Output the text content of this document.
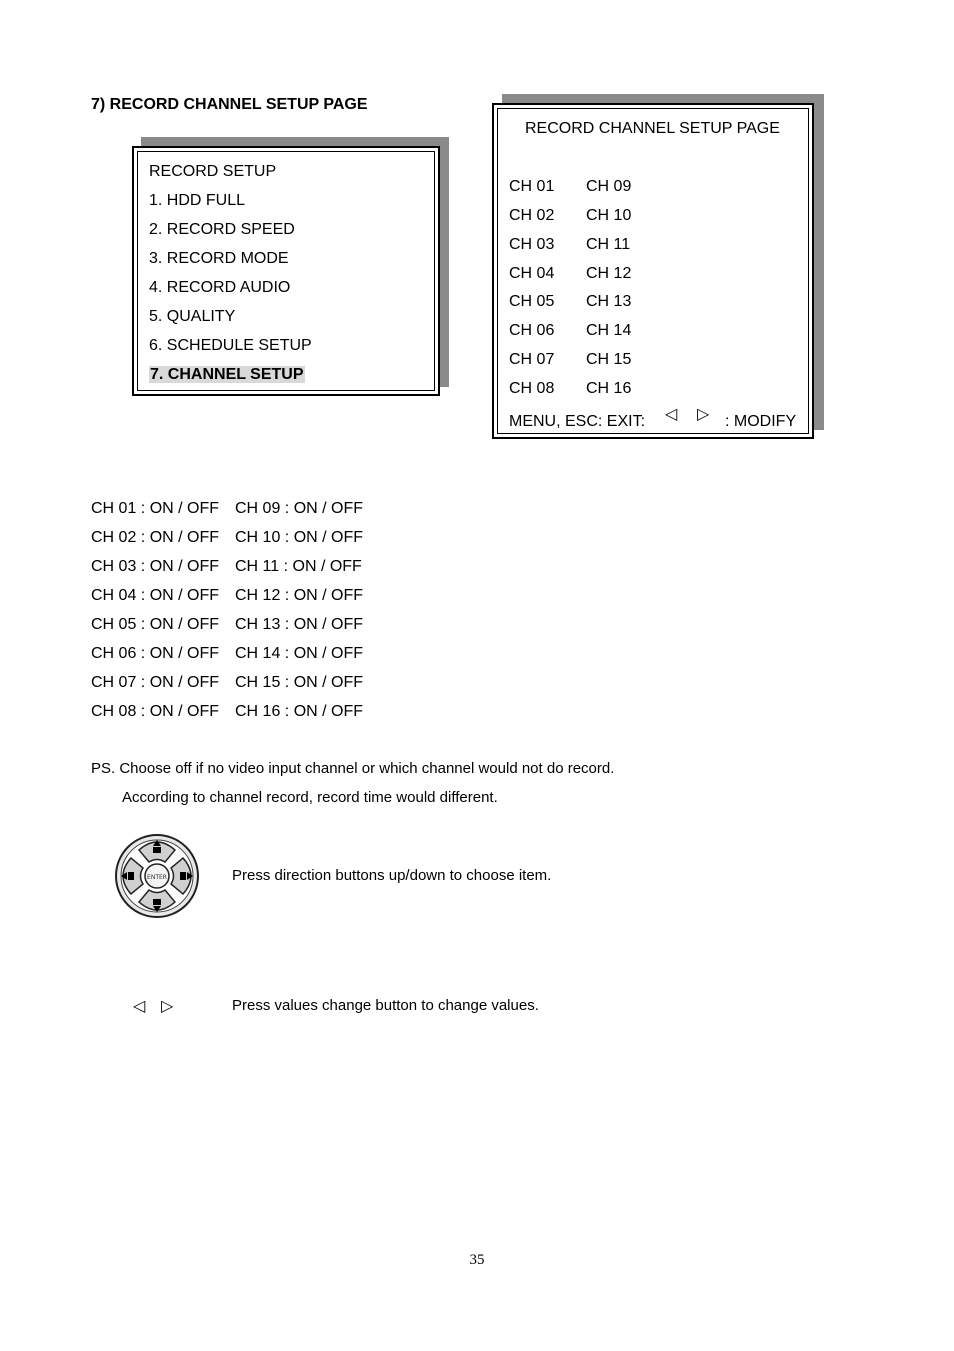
7) RECORD CHANNEL SETUP PAGE
RECORD SETUP
1. HDD FULL
2. RECORD SPEED
3. RECORD MODE
4. RECORD AUDIO
5. QUALITY
6. SCHEDULE SETUP
7. CHANNEL SETUP
RECORD CHANNEL SETUP PAGE
CH 01
CH 02
CH 03
CH 04
CH 05
CH 06
CH 07
CH 08
CH 09
CH 10
CH 11
CH 12
CH 13
CH 14
CH 15
CH 16
MENU, ESC: EXIT: ◁ ▷ : MODIFY
CH 01 : ON / OFF CH 09 : ON / OFF
CH 02 : ON / OFF CH 10 : ON / OFF
CH 03 : ON / OFF CH 11 : ON / OFF
CH 04 : ON / OFF CH 12 : ON / OFF
CH 05 : ON / OFF CH 13 : ON / OFF
CH 06 : ON / OFF CH 14 : ON / OFF
CH 07 : ON / OFF CH 15 : ON / OFF
CH 08 : ON / OFF CH 16 : ON / OFF
PS. Choose off if no video input channel or which channel would not do record.
According to channel record, record time would different.
ENTER	Press direction buttons up/down to choose item.
◁ ▷	Press values change button to change values.
35
